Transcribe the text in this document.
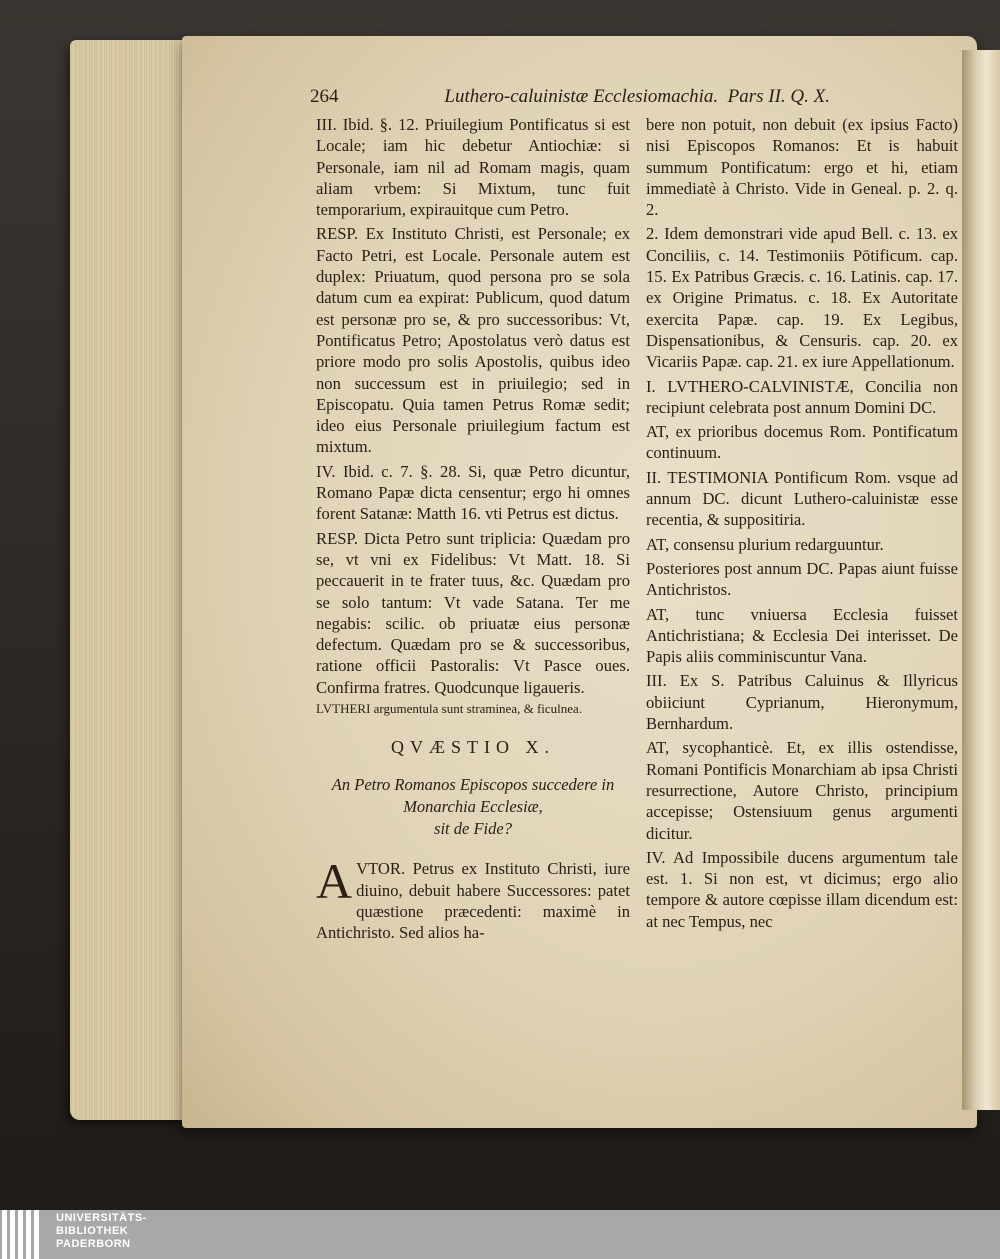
264	Luthero-caluinistæ Ecclesiomachia. Pars II. Q. X.

III. Ibid. §. 12. Priuilegium Pontificatus si est Locale; iam hic debetur Antiochiæ: si Personale, iam nil ad Romam magis, quam aliam vrbem: Si Mixtum, tunc fuit temporarium, expirauitque cum Petro.

RESP. Ex Instituto Christi, est Personale; ex Facto Petri, est Locale. Personale autem est duplex: Priuatum, quod persona pro se sola datum cum ea expirat: Publicum, quod datum est personæ pro se, & pro successoribus: Vt, Pontificatus Petro; Apostolatus verò datus est priore modo pro solis Apostolis, quibus ideo non successum est in priuilegio; sed in Episcopatu. Quia tamen Petrus Romæ sedit; ideo eius Personale priuilegium factum est mixtum.

IV. Ibid. c. 7. §. 28. Si, quæ Petro dicuntur, Romano Papæ dicta censentur; ergo hi omnes forent Satanæ: Matth 16. vti Petrus est dictus.

RESP. Dicta Petro sunt triplicia: Quædam pro se, vt vni ex Fidelibus: Vt Matt. 18. Si peccauerit in te frater tuus, &c. Quædam pro se solo tantum: Vt vade Satana. Ter me negabis: scilic. ob priuatæ eius personæ defectum. Quædam pro se & successoribus, ratione officii Pastoralis: Vt Pasce oues. Confirma fratres. Quodcunque ligaueris.

LVTHERI argumentula sunt straminea, & ficulnea.

QVÆSTIO X.
An Petro Romanos Episcopos succedere in Monarchia Ecclesiæ,
sit de Fide?

AVTOR. Petrus ex Instituto Christi, iure diuino, debuit habere Successores: patet quæstione præcedenti: maximè in Antichristo. Sed alios ha-

bere non potuit, non debuit (ex ipsius Facto) nisi Episcopos Romanos: Et is habuit summum Pontificatum: ergo et hi, etiam immediatè à Christo. Vide in Geneal. p. 2. q. 2.

2. Idem demonstrari vide apud Bell. c. 13. ex Conciliis, c. 14. Testimoniis Pōtificum. cap. 15. Ex Patribus Græcis. c. 16. Latinis. cap. 17. ex Origine Primatus. c. 18. Ex Autoritate exercita Papæ. cap. 19. Ex Legibus, Dispensationibus, & Censuris. cap. 20. ex Vicariis Papæ. cap. 21. ex iure Appellationum.

I. LVTHERO-CALVINISTÆ, Concilia non recipiunt celebrata post annum Domini DC.

AT, ex prioribus docemus Rom. Pontificatum continuum.

II. TESTIMONIA Pontificum Rom. vsque ad annum DC. dicunt Luthero-caluinistæ esse recentia, & suppositiria.

AT, consensu plurium redarguuntur.

Posteriores post annum DC. Papas aiunt fuisse Antichristos.

AT, tunc vniuersa Ecclesia fuisset Antichristiana; & Ecclesia Dei interisset. De Papis aliis comminiscuntur Vana.

III. Ex S. Patribus Caluinus & Illyricus obiiciunt Cyprianum, Hieronymum, Bernhardum.

AT, sycophanticè. Et, ex illis ostendisse, Romani Pontificis Monarchiam ab ipsa Christi resurrectione, Autore Christo, principium accepisse; Ostensiuum genus argumenti dicitur.

IV. Ad Impossibile ducens argumentum tale est. 1. Si non est, vt dicimus; ergo alio tempore & autore cœpisse illam dicendum est: at nec Tempus, nec

UNIVERSITÄTS-
BIBLIOTHEK
PADERBORN
